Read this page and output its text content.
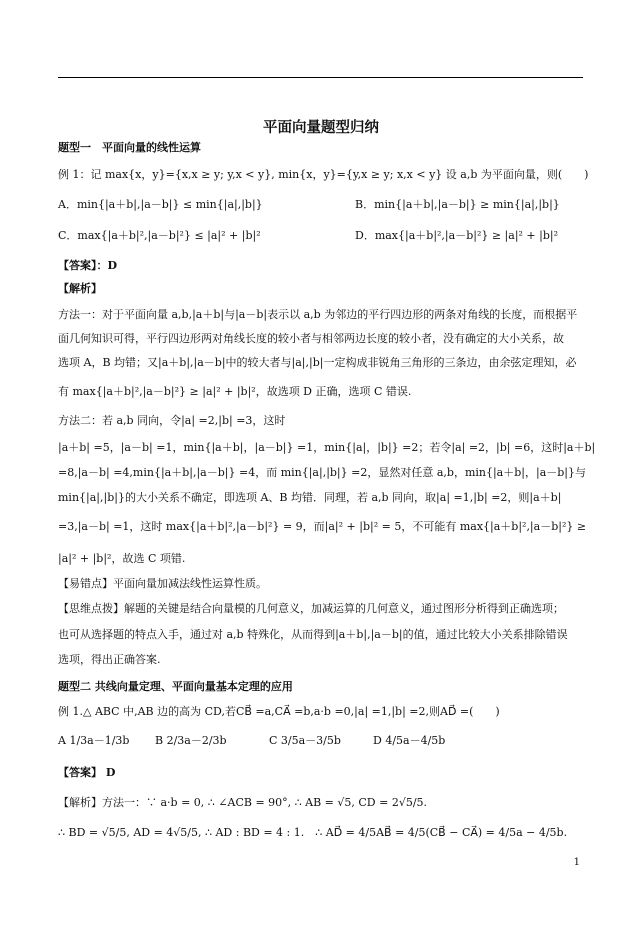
平面向量题型归纳
题型一　平面向量的线性运算
例 1：记 max{x，y}={x,x ≥ y; y,x < y}, min{x，y}={y,x ≥ y; x,x < y} 设 a,b 为平面向量，则(　　)
A．min{|a＋b|,|a－b|} ≤ min{|a|,|b|}	B．min{|a＋b|,|a－b|} ≥ min{|a|,|b|}
C．max{|a＋b|²,|a－b|²} ≤ |a|² + |b|²	D．max{|a＋b|²,|a－b|²} ≥ |a|² + |b|²
【答案】：D
【解析】
方法一：对于平面向量 a,b,|a＋b|与|a－b|表示以 a,b 为邻边的平行四边形的两条对角线的长度，而根据平
面几何知识可得，平行四边形两对角线长度的较小者与相邻两边长度的较小者，没有确定的大小关系，故
选项 A，B 均错；又|a＋b|,|a－b|中的较大者与|a|,|b|一定构成非锐角三角形的三条边，由余弦定理知，必
有 max{|a＋b|²,|a－b|²} ≥ |a|² + |b|²，故选项 D 正确，选项 C 错误.
方法二：若 a,b 同向，令|a| =2,|b| =3，这时
|a＋b| =5，|a－b| =1，min{|a＋b|，|a－b|} =1，min{|a|，|b|} =2；若令|a| =2，|b| =6，这时|a＋b|
=8,|a－b| =4,min{|a＋b|,|a－b|} =4，而 min{|a|,|b|} =2，显然对任意 a,b，min{|a＋b|，|a－b|}与
min{|a|,|b|}的大小关系不确定，即选项 A、B 均错．同理，若 a,b 同向，取|a| =1,|b| =2，则|a＋b|
=3,|a－b| =1，这时 max{|a＋b|²,|a－b|²} = 9，而|a|² + |b|² = 5，不可能有 max{|a＋b|²,|a－b|²} ≥
|a|² + |b|²，故选 C 项错.
【易错点】平面向量加减法线性运算性质。
【思维点拨】解题的关键是结合向量模的几何意义，加减运算的几何意义，通过图形分析得到正确选项；
也可从选择题的特点入手，通过对 a,b 特殊化，从而得到|a＋b|,|a－b|的值，通过比较大小关系排除错误
选项，得出正确答案.
题型二 共线向量定理、平面向量基本定理的应用
例 1.△ ABC 中,AB 边的高为 CD,若CB⃗ =a,CA⃗ =b,a·b =0,|a| =1,|b| =2,则AD⃗ =(　　)
A 1/3a－1/3b B 2/3a－2/3b	C 3/5a－3/5b	D 4/5a－4/5b
【答案】 D
【解析】方法一：∵ a·b = 0, ∴ ∠ACB = 90°, ∴ AB = √5, CD = 2√5/5.
∴ BD = √5/5, AD = 4√5/5, ∴ AD : BD = 4 : 1.　∴ AD⃗ = 4/5AB⃗ = 4/5(CB⃗ − CA⃗) = 4/5a − 4/5b.
1
